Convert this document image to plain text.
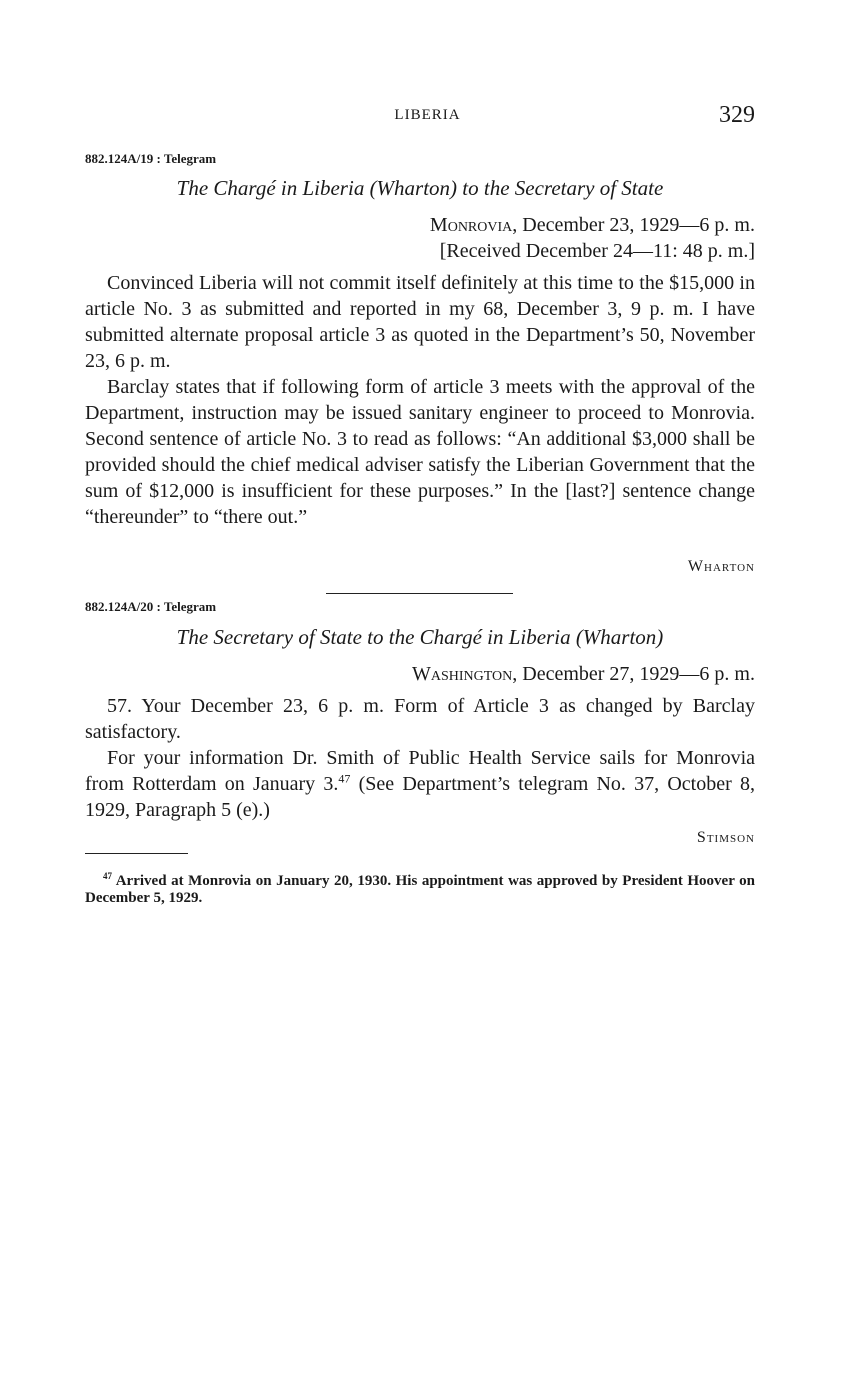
LIBERIA	329
882.124A/19 : Telegram
The Chargé in Liberia (Wharton) to the Secretary of State
Monrovia, December 23, 1929—6 p. m.
[Received December 24—11: 48 p. m.]

Convinced Liberia will not commit itself definitely at this time to the $15,000 in article No. 3 as submitted and reported in my 68, December 3, 9 p. m. I have submitted alternate proposal article 3 as quoted in the Department’s 50, November 23, 6 p. m.

Barclay states that if following form of article 3 meets with the approval of the Department, instruction may be issued sanitary engineer to proceed to Monrovia. Second sentence of article No. 3 to read as follows: “An additional $3,000 shall be provided should the chief medical adviser satisfy the Liberian Government that the sum of $12,000 is insufficient for these purposes.” In the [last?] sentence change “thereunder” to “there out.”

Wharton
882.124A/20 : Telegram
The Secretary of State to the Chargé in Liberia (Wharton)
Washington, December 27, 1929—6 p. m.

57. Your December 23, 6 p. m. Form of Article 3 as changed by Barclay satisfactory.

For your information Dr. Smith of Public Health Service sails for Monrovia from Rotterdam on January 3.47 (See Department’s telegram No. 37, October 8, 1929, Paragraph 5 (e).)

Stimson

$^{47}$ Arrived at Monrovia on January 20, 1930. His appointment was approved by President Hoover on December 5, 1929.
